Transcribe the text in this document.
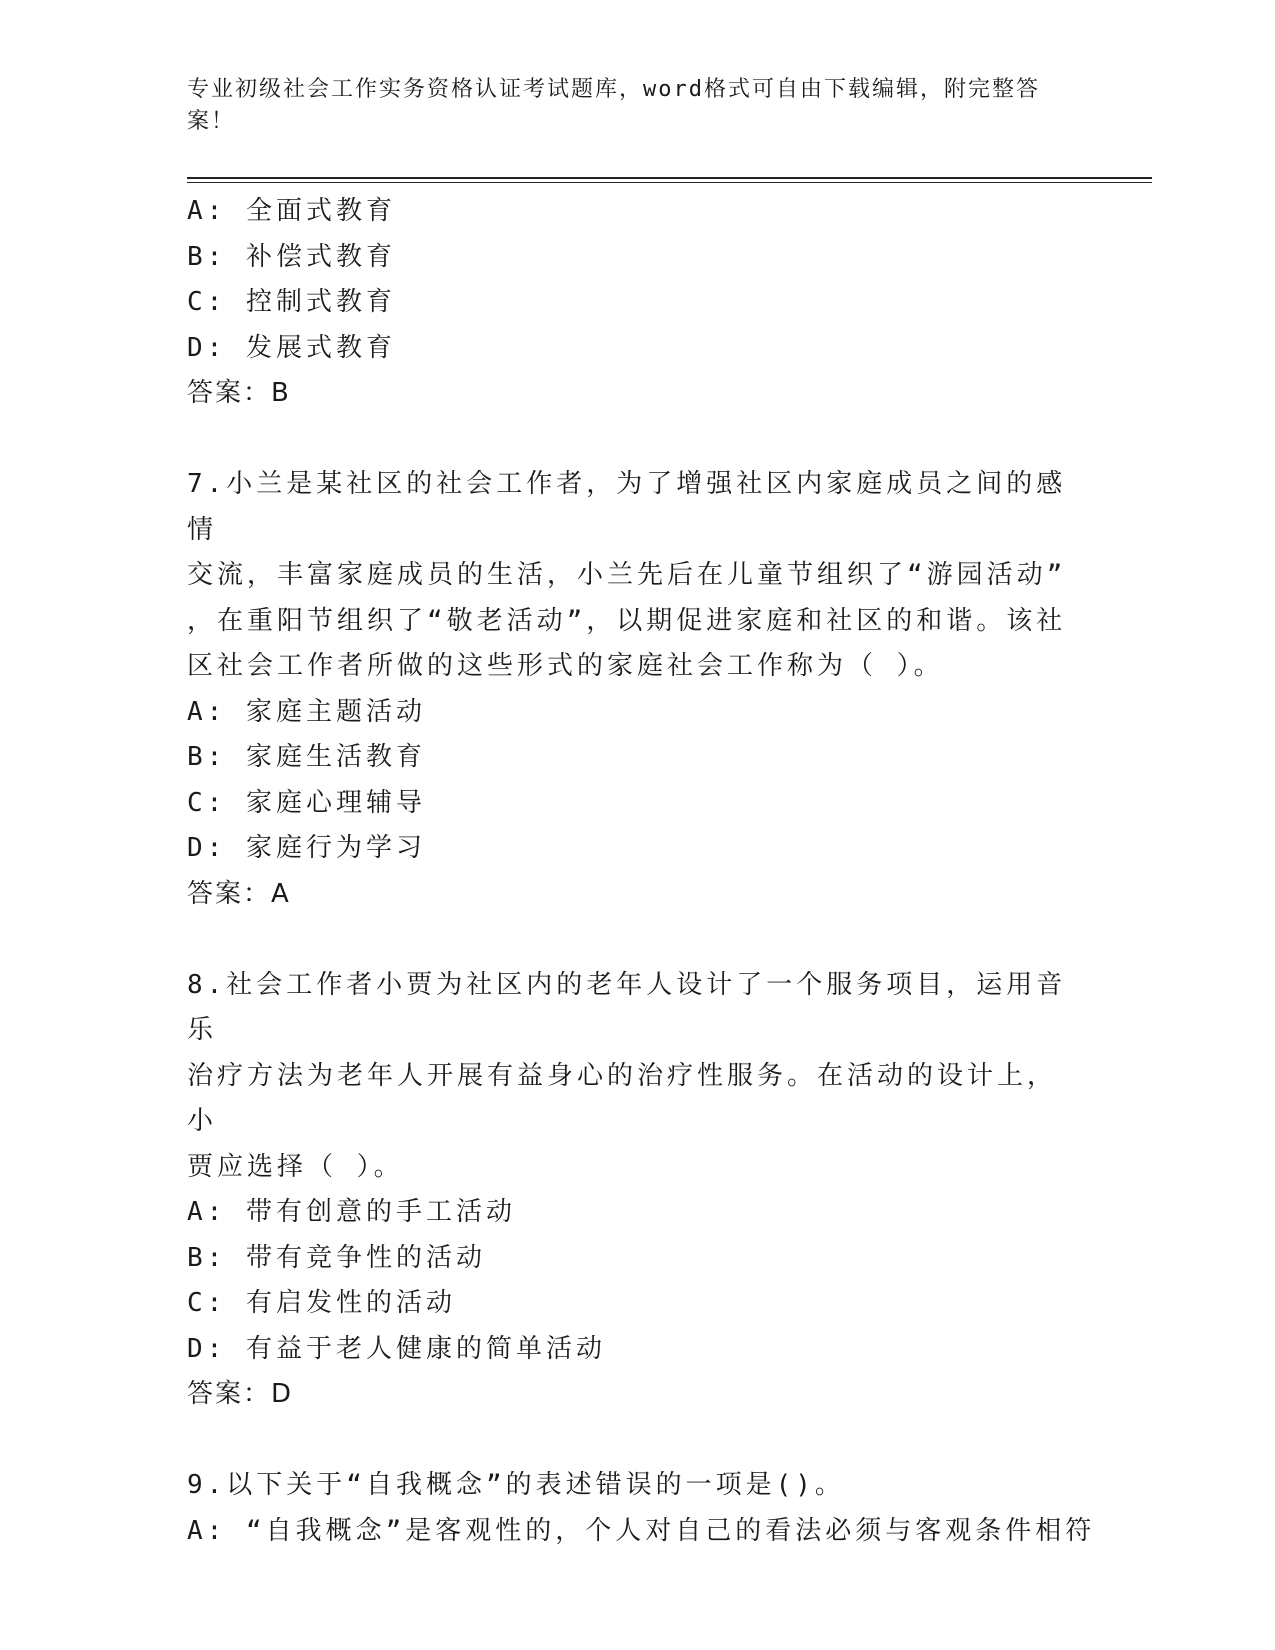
专业初级社会工作实务资格认证考试题库，word格式可自由下载编辑，附完整答案！
A: 全面式教育
B: 补偿式教育
C: 控制式教育
D: 发展式教育
答案：B
7.小兰是某社区的社会工作者，为了增强社区内家庭成员之间的感情
交流，丰富家庭成员的生活，小兰先后在儿童节组织了“游园活动”
，在重阳节组织了“敬老活动”，以期促进家庭和社区的和谐。该社
区社会工作者所做的这些形式的家庭社会工作称为（ ）。
A: 家庭主题活动
B: 家庭生活教育
C: 家庭心理辅导
D: 家庭行为学习
答案：A
8.社会工作者小贾为社区内的老年人设计了一个服务项目，运用音乐
治疗方法为老年人开展有益身心的治疗性服务。在活动的设计上，小
贾应选择（ ）。
A: 带有创意的手工活动
B: 带有竞争性的活动
C: 有启发性的活动
D: 有益于老人健康的简单活动
答案：D
9.以下关于“自我概念”的表述错误的一项是()。
A: “自我概念”是客观性的，个人对自己的看法必须与客观条件相符
